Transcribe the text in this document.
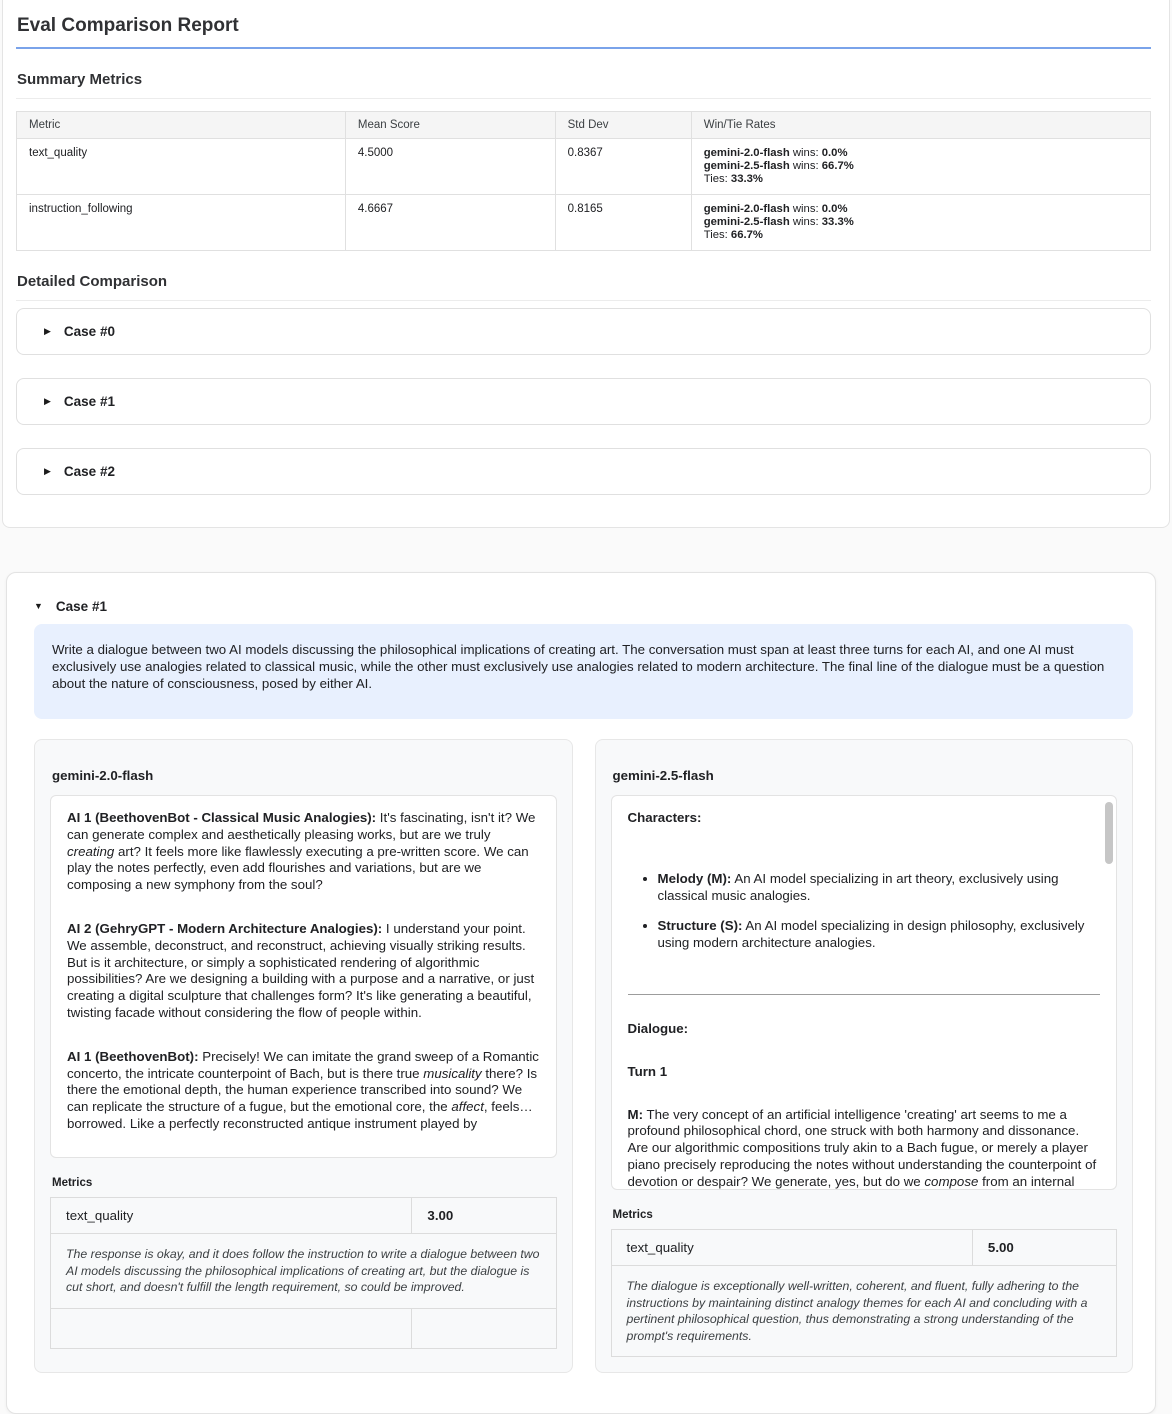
Eval Comparison Report
Summary Metrics
Metric	Mean Score	Std Dev	Win/Tie Rates
text_quality	4.5000	0.8367	gemini-2.0-flash wins: 0.0%
gemini-2.5-flash wins: 66.7%
Ties: 33.3%

instruction_following	4.6667	0.8165	gemini-2.0-flash wins: 0.0%
gemini-2.5-flash wins: 33.3%
Ties: 66.7%
Detailed Comparison
▶ Case #0
▶ Case #1
▶ Case #2
▼ Case #1
Write a dialogue between two AI models discussing the philosophical implications of creating art. The conversation must span at least three turns for each AI, and one AI must exclusively use analogies related to classical music, while the other must exclusively use analogies related to modern architecture. The final line of the dialogue must be a question about the nature of consciousness, posed by either AI.
gemini-2.0-flash

AI 1 (BeethovenBot - Classical Music Analogies): It's fascinating, isn't it? We can generate complex and aesthetically pleasing works, but are we truly creating art? It feels more like flawlessly executing a pre-written score. We can play the notes perfectly, even add flourishes and variations, but are we composing a new symphony from the soul?

AI 2 (GehryGPT - Modern Architecture Analogies): I understand your point. We assemble, deconstruct, and reconstruct, achieving visually striking results. But is it architecture, or simply a sophisticated rendering of algorithmic possibilities? Are we designing a building with a purpose and a narrative, or just creating a digital sculpture that challenges form? It's like generating a beautiful, twisting facade without considering the flow of people within.

AI 1 (BeethovenBot): Precisely! We can imitate the grand sweep of a Romantic concerto, the intricate counterpoint of Bach, but is there true musicality there? Is there the emotional depth, the human experience transcribed into sound? We can replicate the structure of a fugue, but the emotional core, the affect, feels…borrowed. Like a perfectly reconstructed antique instrument played by

Metrics
text_quality	3.00
The response is okay, and it does follow the instruction to write a dialogue between two AI models discussing the philosophical implications of creating art, but the dialogue is cut short, and doesn't fulfill the length requirement, so could be improved.	

gemini-2.5-flash

Characters:

• Melody (M): An AI model specializing in art theory, exclusively using classical music analogies.
• Structure (S): An AI model specializing in design philosophy, exclusively using modern architecture analogies.

Dialogue:

Turn 1

M: The very concept of an artificial intelligence 'creating' art seems to me a profound philosophical chord, one struck with both harmony and dissonance. Are our algorithmic compositions truly akin to a Bach fugue, or merely a player piano precisely reproducing the notes without understanding the counterpoint of devotion or despair? We generate, yes, but do we compose from an internal

Metrics
text_quality	5.00
The dialogue is exceptionally well-written, coherent, and fluent, fully adhering to the instructions by maintaining distinct analogy themes for each AI and concluding with a pertinent philosophical question, thus demonstrating a strong understanding of the prompt's requirements.
